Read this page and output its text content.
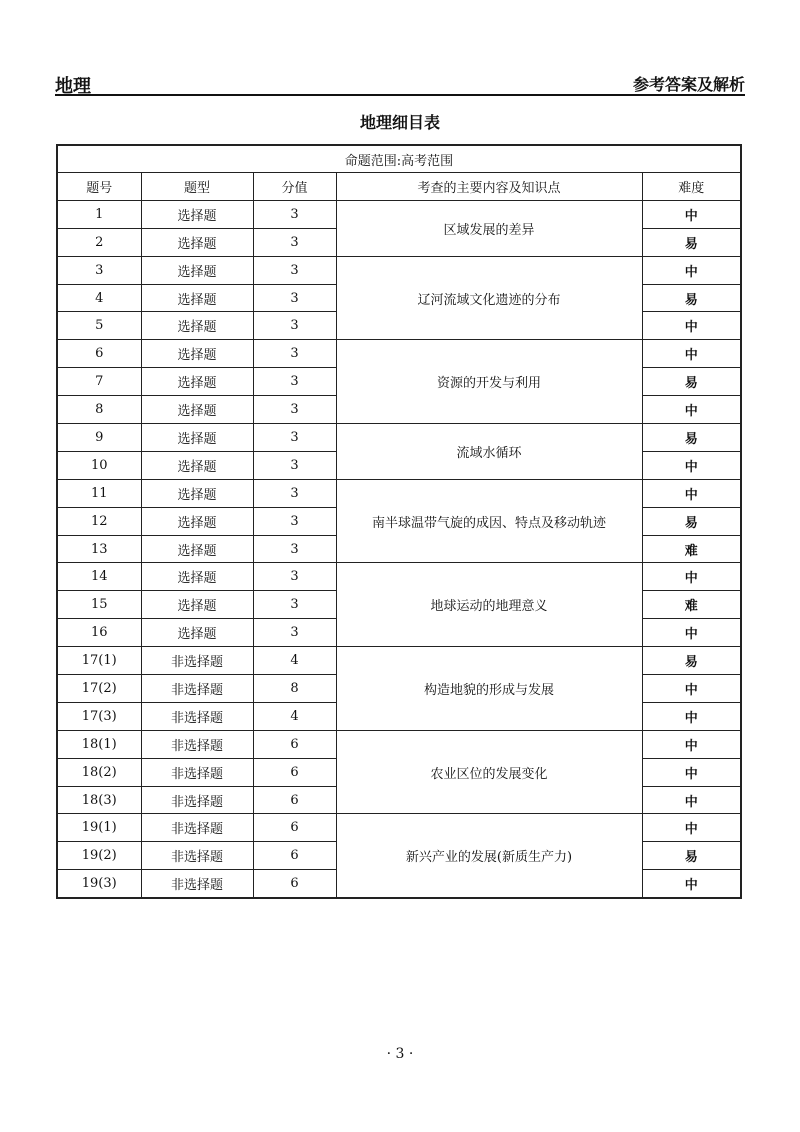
地理	参考答案及解析
地理细目表
命题范围:高考范围				
题号	题型	分值	考查的主要内容及知识点	难度
1	选择题	3	区域发展的差异	中
2	选择题	3		易
3	选择题	3	辽河流域文化遗迹的分布	中
4	选择题	3		易
5	选择题	3		中
6	选择题	3	资源的开发与利用	中
7	选择题	3		易
8	选择题	3		中
9	选择题	3	流域水循环	易
10	选择题	3		中
11	选择题	3	南半球温带气旋的成因、特点及移动轨迹	中
12	选择题	3		易
13	选择题	3		难
14	选择题	3	地球运动的地理意义	中
15	选择题	3		难
16	选择题	3		中
17(1)	非选择题	4	构造地貌的形成与发展	易
17(2)	非选择题	8		中
17(3)	非选择题	4		中
18(1)	非选择题	6	农业区位的发展变化	中
18(2)	非选择题	6		中
18(3)	非选择题	6		中
19(1)	非选择题	6	新兴产业的发展(新质生产力)	中
19(2)	非选择题	6		易
19(3)	非选择题	6		中
· 3 ·
